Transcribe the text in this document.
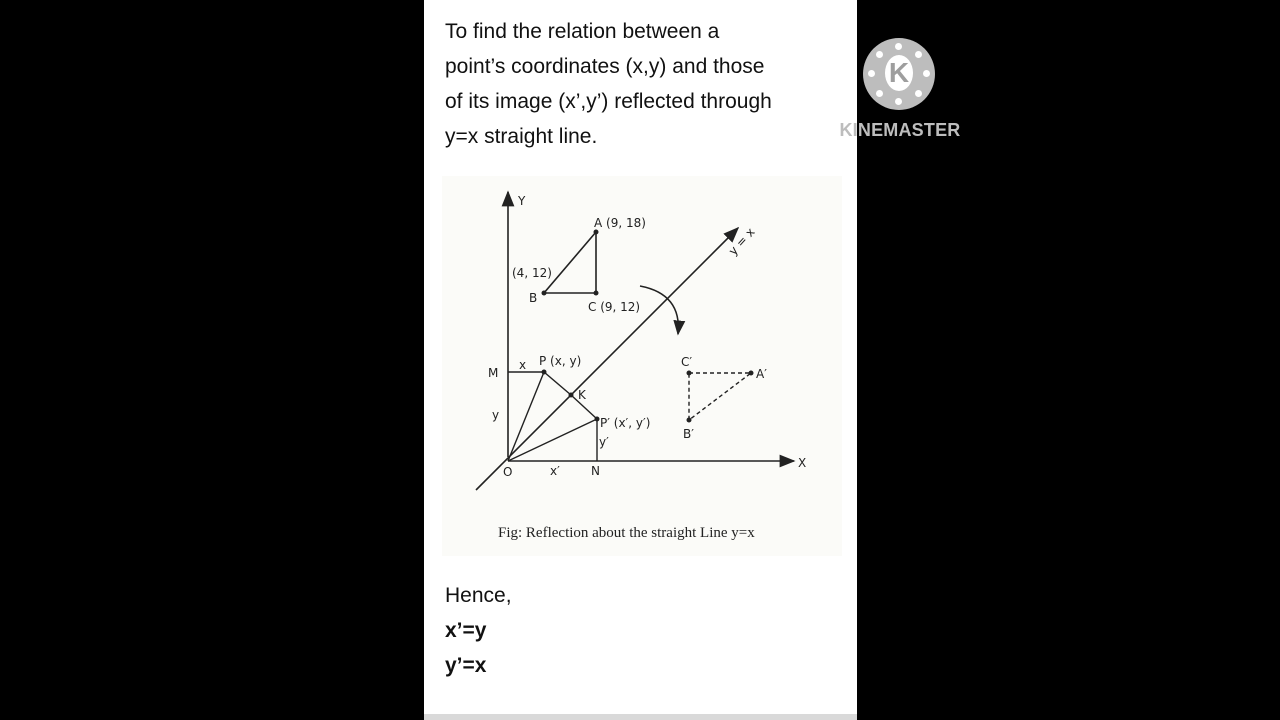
To find the relation between a
point’s coordinates (x,y) and those
of its image (x’,y’) reflected through
y=x straight line.

Y
X
y = x
A (9, 18)
(4, 12)
B
C (9, 12)
M
x P (x, y)
K
y
P′ (x′, y′)
y′
C′
A′
B′
O	x′	N
Fig: Reflection about the straight Line y=x
Hence,
x’=y
y’=x
K
KINEMASTER
